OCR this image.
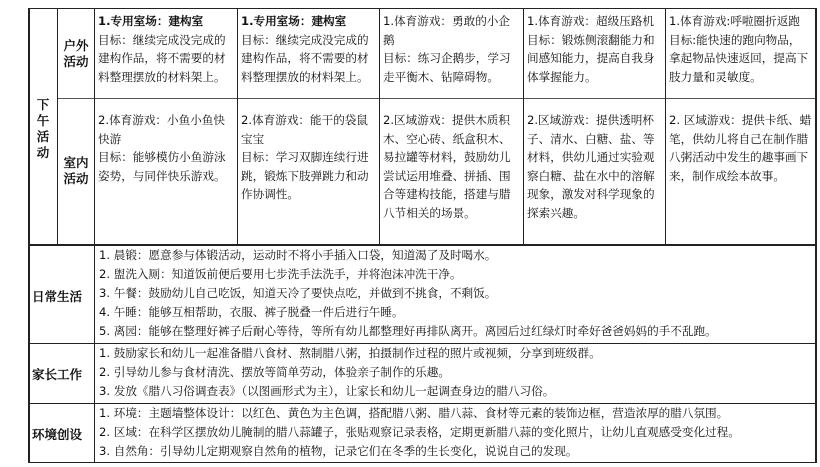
下午活动
户外活动
室内活动
日常生活
家长工作
环境创设

1.专用室场：建构室

目标：继续完成没完成的建构作品，将不需要的材料整理摆放的材料架上。

1.专用室场：建构室

目标：继续完成没完成的建构作品，将不需要的材料整理摆放的材料架上。

1.体育游戏：勇敢的小企鹅

目标：练习企鹅步，学习走平衡木、钻障碍物。

1.体育游戏：超级压路机

目标：锻炼侧滚翻能力和间感知能力，提高自我身体掌握能力。

1.体育游戏:呼啦圈折返跑

目标:能快速的跑向物品，拿起物品快速返回，提高下肢力量和灵敏度。

2.体育游戏：小鱼小鱼快快游

目标：能够模仿小鱼游泳姿势，与同伴快乐游戏。

2.体育游戏：能干的袋鼠宝宝

目标：学习双脚连续行进跳，锻炼下肢弹跳力和动作协调性。

2.区域游戏：提供木质积木、空心砖、纸盒积木、易拉罐等材料，鼓励幼儿尝试运用堆叠、拼插、围合等建构技能，搭建与腊八节相关的场景。

2.区域游戏：提供透明杯子、清水、白糖、盐、等材料，供幼儿通过实验观察白糖、盐在水中的溶解现象，激发对科学现象的探索兴趣。

2. 区域游戏：提供卡纸、蜡笔，供幼儿将自己在制作腊八粥活动中发生的趣事画下来，制作成绘本故事。

1. 晨锻：愿意参与体锻活动，运动时不将小手插入口袋，知道渴了及时喝水。
2. 盥洗入厕：知道饭前便后要用七步洗手法洗手，并将泡沫冲洗干净。
3. 午餐：鼓励幼儿自己吃饭，知道天冷了要快点吃，并做到不挑食，不剩饭。
4. 午睡：能够互相帮助，衣服、裤子脱叠一件后进行午睡。
5. 离园：能够在整理好裤子后耐心等待，等所有幼儿都整理好再排队离开。离园后过红绿灯时牵好爸爸妈妈的手不乱跑。
1. 鼓励家长和幼儿一起准备腊八食材、熬制腊八粥，拍摄制作过程的照片或视频，分享到班级群。
2. 引导幼儿参与食材清洗、摆放等简单劳动，体验亲子制作的乐趣。
3. 发放《腊八习俗调查表》（以图画形式为主），让家长和幼儿一起调查身边的腊八习俗。
1. 环境：主题墙整体设计：以红色、黄色为主色调，搭配腊八粥、腊八蒜、食材等元素的装饰边框，营造浓厚的腊八氛围。
2. 区域：在科学区摆放幼儿腌制的腊八蒜罐子，张贴观察记录表格，定期更新腊八蒜的变化照片，让幼儿直观感受变化过程。
3. 自然角：引导幼儿定期观察自然角的植物，记录它们在冬季的生长变化，说说自己的发现。
